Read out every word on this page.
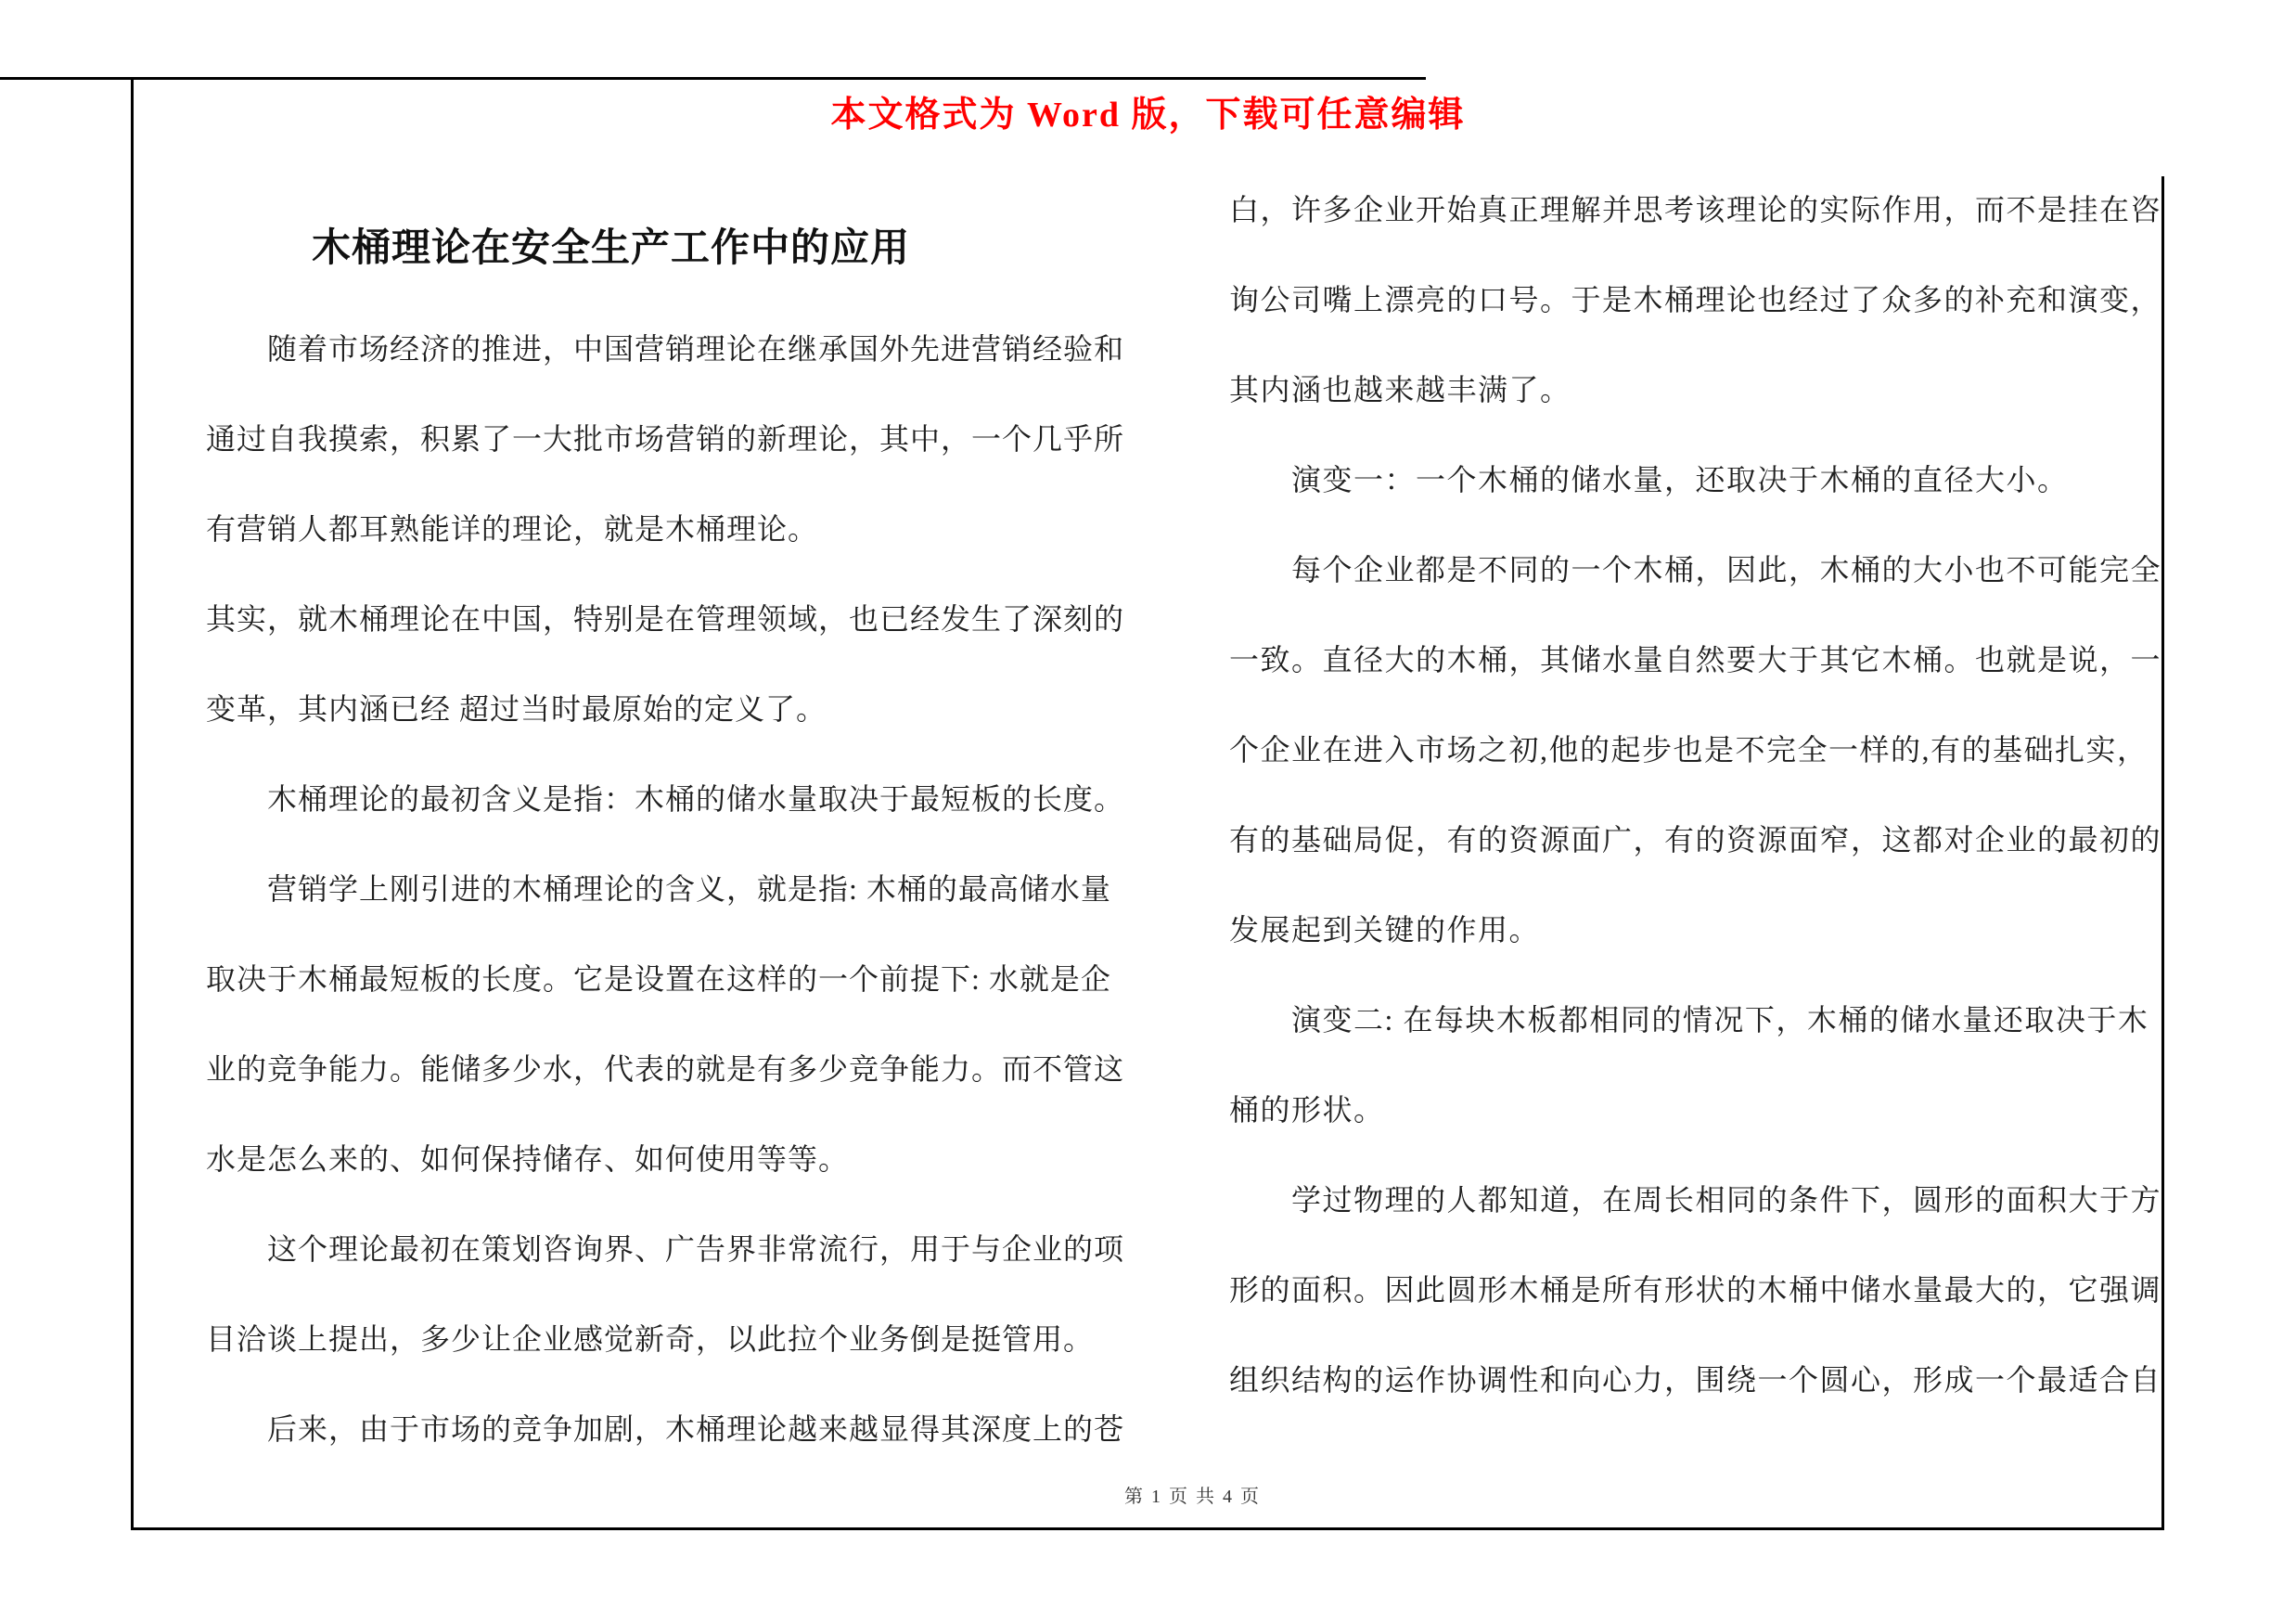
本文格式为 Word 版，下载可任意编辑
木桶理论在安全生产工作中的应用
　　随着市场经济的推进，中国营销理论在继承国外先进营销经验和
通过自我摸索，积累了一大批市场营销的新理论，其中，一个几乎所
有营销人都耳熟能详的理论，就是木桶理论。
其实，就木桶理论在中国，特别是在管理领域，也已经发生了深刻的
变革，其内涵已经 超过当时最原始的定义了。
　　木桶理论的最初含义是指：木桶的储水量取决于最短板的长度。
　　营销学上刚引进的木桶理论的含义，就是指: 木桶的最高储水量
取决于木桶最短板的长度。它是设置在这样的一个前提下: 水就是企
业的竞争能力。能储多少水，代表的就是有多少竞争能力。而不管这
水是怎么来的、如何保持储存、如何使用等等。
　　这个理论最初在策划咨询界、广告界非常流行，用于与企业的项
目洽谈上提出，多少让企业感觉新奇，以此拉个业务倒是挺管用。
　　后来，由于市场的竞争加剧，木桶理论越来越显得其深度上的苍
白，许多企业开始真正理解并思考该理论的实际作用，而不是挂在咨
询公司嘴上漂亮的口号。于是木桶理论也经过了众多的补充和演变，
其内涵也越来越丰满了。
　　演变一：一个木桶的储水量，还取决于木桶的直径大小。
　　每个企业都是不同的一个木桶，因此，木桶的大小也不可能完全
一致。直径大的木桶，其储水量自然要大于其它木桶。也就是说，一
个企业在进入市场之初,他的起步也是不完全一样的,有的基础扎实，
有的基础局促，有的资源面广，有的资源面窄，这都对企业的最初的
发展起到关键的作用。
　　演变二: 在每块木板都相同的情况下，木桶的储水量还取决于木
桶的形状。
　　学过物理的人都知道，在周长相同的条件下，圆形的面积大于方
形的面积。因此圆形木桶是所有形状的木桶中储水量最大的，它强调
组织结构的运作协调性和向心力，围绕一个圆心，形成一个最适合自
第 1 页 共 4 页
